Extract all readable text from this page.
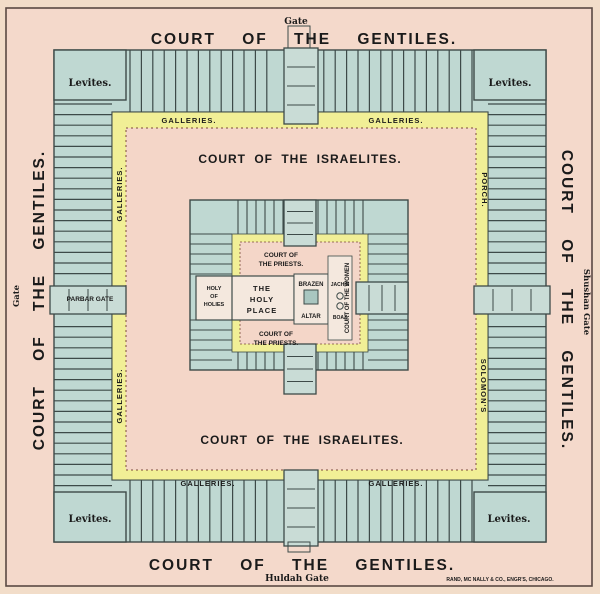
Gate
COURT OF THE GENTILES.
COURT OF THE GENTILES.
Huldah Gate
COURT OF THE GENTILES.	COURT OF THE GENTILES.
Gate	Shushan Gate
Levites.	Levites.
Levites.	Levites.
GALLERIES.	GALLERIES.
GALLERIES.	GALLERIES.
GALLERIES.
GALLERIES.
PORCH.
SOLOMON'S
COURT OF THE ISRAELITES.
COURT OF THE ISRAELITES.
PARBAR GATE
COURT OF
THE PRIESTS.
COURT OF
THE PRIESTS.
COURT OF THE WOMEN
HOLY
OF
HOLIES
THE
HOLY
PLACE
BRAZEN
ALTAR
JACHIN
BOAZ
RAND, MC NALLY & CO., ENGR'S, CHICAGO.
